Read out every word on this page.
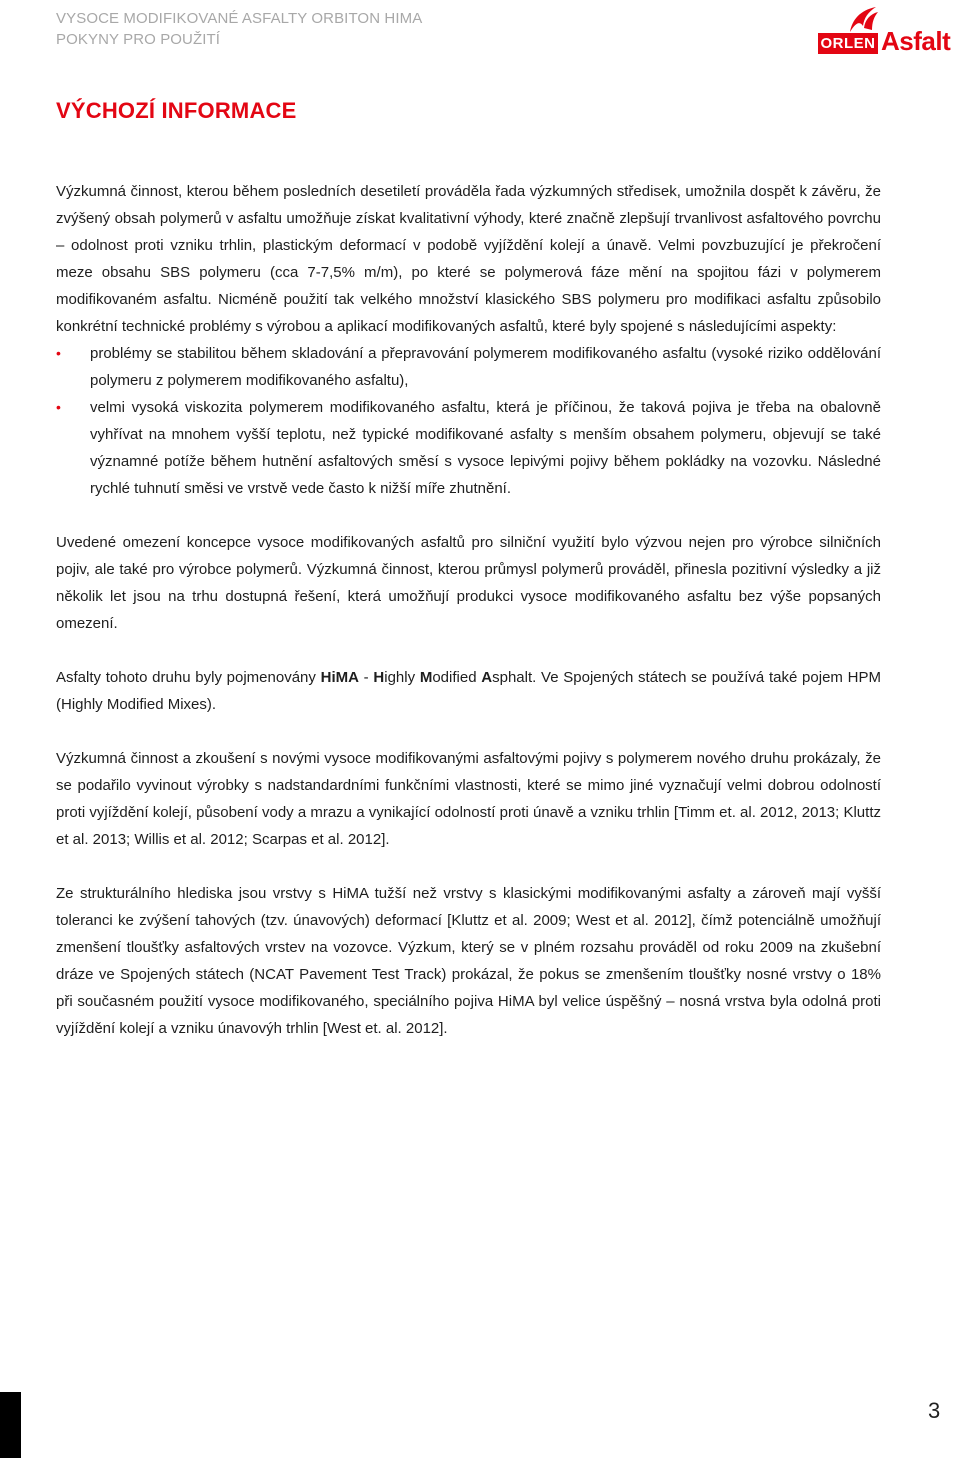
VYSOCE MODIFIKOVANÉ ASFALTY ORBITON HIMA
POKYNY PRO POUŽITÍ	ORLEN Asfalt
VÝCHOZÍ INFORMACE

Výzkumná činnost, kterou během posledních desetiletí prováděla řada výzkumných středisek, umožnila dospět k závěru, že zvýšený obsah polymerů v asfaltu umožňuje získat kvalitativní výhody, které značně zlepšují trvanlivost asfaltového povrchu – odolnost proti vzniku trhlin, plastickým deformací v podobě vyjíždění kolejí a únavě. Velmi povzbuzující je překročení meze obsahu SBS polymeru (cca 7-7,5% m/m), po které se polymerová fáze mění na spojitou fázi v polymerem modifikovaném asfaltu. Nicméně použití tak velkého množství klasického SBS polymeru pro modifikaci asfaltu způsobilo konkrétní technické problémy s výrobou a aplikací modifikovaných asfaltů, které byly spojené s následujícími aspekty:

• problémy se stabilitou během skladování a přepravování polymerem modifikovaného asfaltu (vysoké riziko oddělování polymeru z polymerem modifikovaného asfaltu),
• velmi vysoká viskozita polymerem modifikovaného asfaltu, která je příčinou, že taková pojiva je třeba na obalovně vyhřívat na mnohem vyšší teplotu, než typické modifikované asfalty s menším obsahem polymeru, objevují se také významné potíže během hutnění asfaltových směsí s vysoce lepivými pojivy během pokládky na vozovku. Následné rychlé tuhnutí směsi ve vrstvě vede často k nižší míře zhutnění.

Uvedené omezení koncepce vysoce modifikovaných asfaltů pro silniční využití bylo výzvou nejen pro výrobce silničních pojiv, ale také pro výrobce polymerů. Výzkumná činnost, kterou průmysl polymerů prováděl, přinesla pozitivní výsledky a již několik let jsou na trhu dostupná řešení, která umožňují produkci vysoce modifikovaného asfaltu bez výše popsaných omezení.

Asfalty tohoto druhu byly pojmenovány HiMA - Highly Modified Asphalt. Ve Spojených státech se používá také pojem HPM (Highly Modified Mixes).

Výzkumná činnost a zkoušení s novými vysoce modifikovanými asfaltovými pojivy s polymerem nového druhu prokázaly, že se podařilo vyvinout výrobky s nadstandardními funkčními vlastnosti, které se mimo jiné vyznačují velmi dobrou odolností proti vyjíždění kolejí, působení vody a mrazu a vynikající odolností proti únavě a vzniku trhlin [Timm et. al. 2012, 2013; Kluttz et al. 2013; Willis et al. 2012; Scarpas et al. 2012].

Ze strukturálního hlediska jsou vrstvy s HiMA tužší než vrstvy s klasickými modifikovanými asfalty a zároveň mají vyšší toleranci ke zvýšení tahových (tzv. únavových) deformací [Kluttz et al. 2009; West et al. 2012], čímž potenciálně umožňují zmenšení tloušťky asfaltových vrstev na vozovce. Výzkum, který se v plném rozsahu prováděl od roku 2009 na zkušební dráze ve Spojených státech (NCAT Pavement Test Track) prokázal, že pokus se zmenšením tloušťky nosné vrstvy o 18% při současném použití vysoce modifikovaného, speciálního pojiva HiMA byl velice úspěšný – nosná vrstva byla odolná proti vyjíždění kolejí a vzniku únavovýh trhlin [West et. al. 2012].

3
